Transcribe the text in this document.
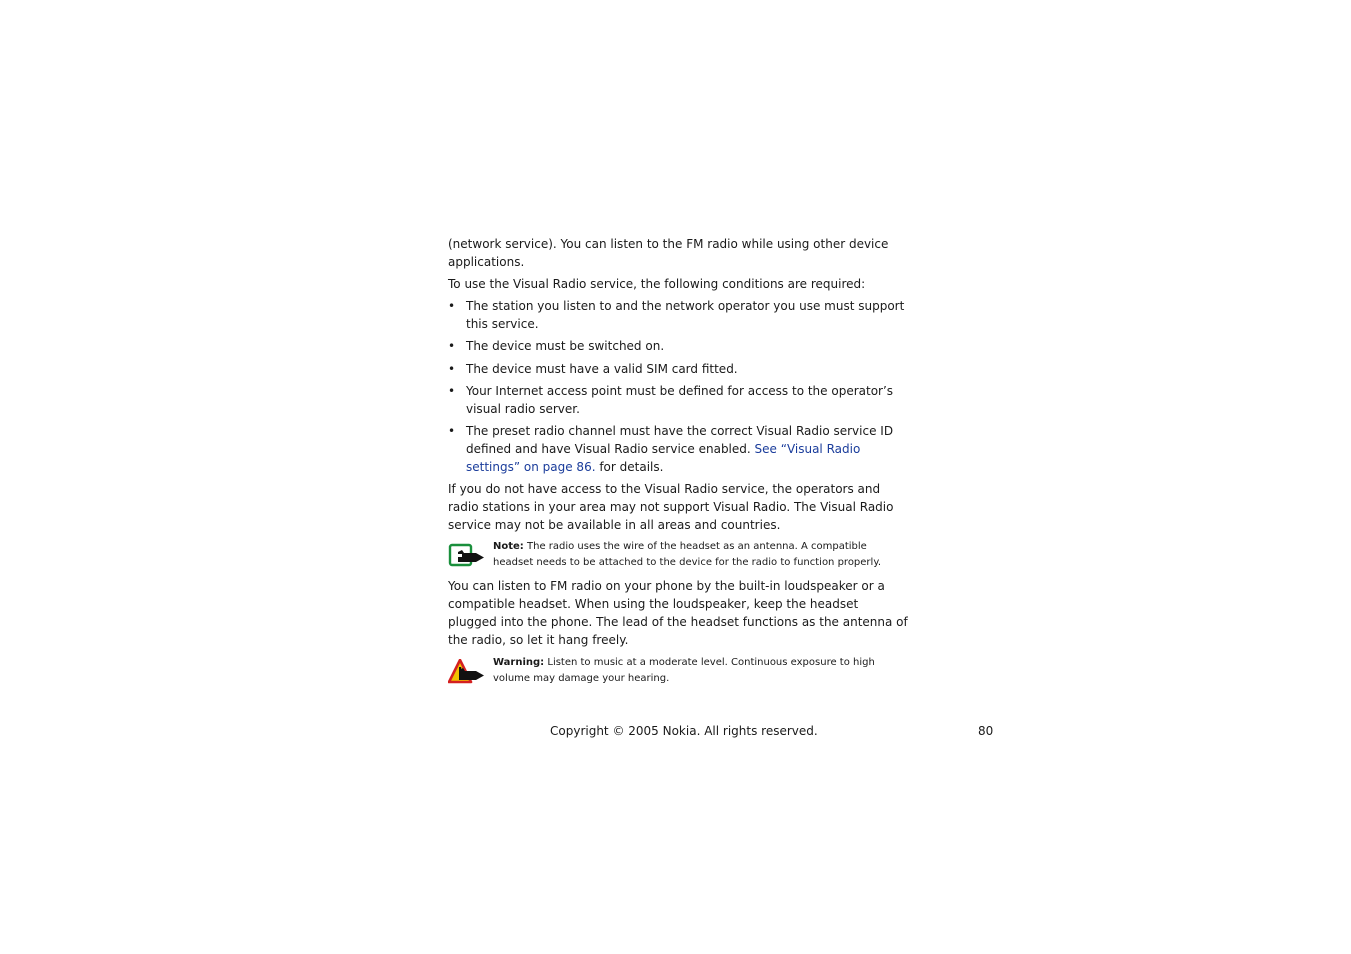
(network service). You can listen to the FM radio while using other device applications.

To use the Visual Radio service, the following conditions are required:

• The station you listen to and the network operator you use must support this service.
• The device must be switched on.
• The device must have a valid SIM card fitted.
• Your Internet access point must be defined for access to the operator’s visual radio server.
• The preset radio channel must have the correct Visual Radio service ID defined and have Visual Radio service enabled. See “Visual Radio settings” on page 86. for details.

If you do not have access to the Visual Radio service, the operators and radio stations in your area may not support Visual Radio. The Visual Radio service may not be available in all areas and countries.

Note: The radio uses the wire of the headset as an antenna. A compatible headset needs to be attached to the device for the radio to function properly.

You can listen to FM radio on your phone by the built-in loudspeaker or a compatible headset. When using the loudspeaker, keep the headset plugged into the phone. The lead of the headset functions as the antenna of the radio, so let it hang freely.

Warning: Listen to music at a moderate level. Continuous exposure to high volume may damage your hearing.
Copyright © 2005 Nokia. All rights reserved.	80
